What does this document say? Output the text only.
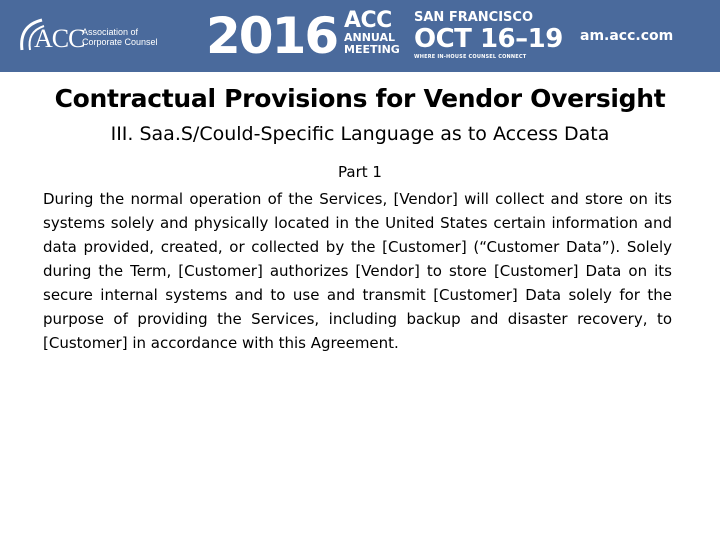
ACC
Association of
Corporate Counsel 2016 ACC
ANNUAL
MEETING
SAN FRANCISCO
OCT 16–19
WHERE IN-HOUSE COUNSEL CONNECT
am.acc.com
Contractual Provisions for Vendor Oversight
III. Saa.S/Could-Specific Language as to Access Data
Part 1

During the normal operation of the Services, [Vendor] will collect and store on its systems solely and physically located in the United States certain information and data provided, created, or collected by the [Customer] (“Customer Data”). Solely during the Term, [Customer] authorizes [Vendor] to store [Customer] Data on its secure internal systems and to use and transmit [Customer] Data solely for the purpose of providing the Services, including backup and disaster recovery, to [Customer] in accordance with this Agreement.
